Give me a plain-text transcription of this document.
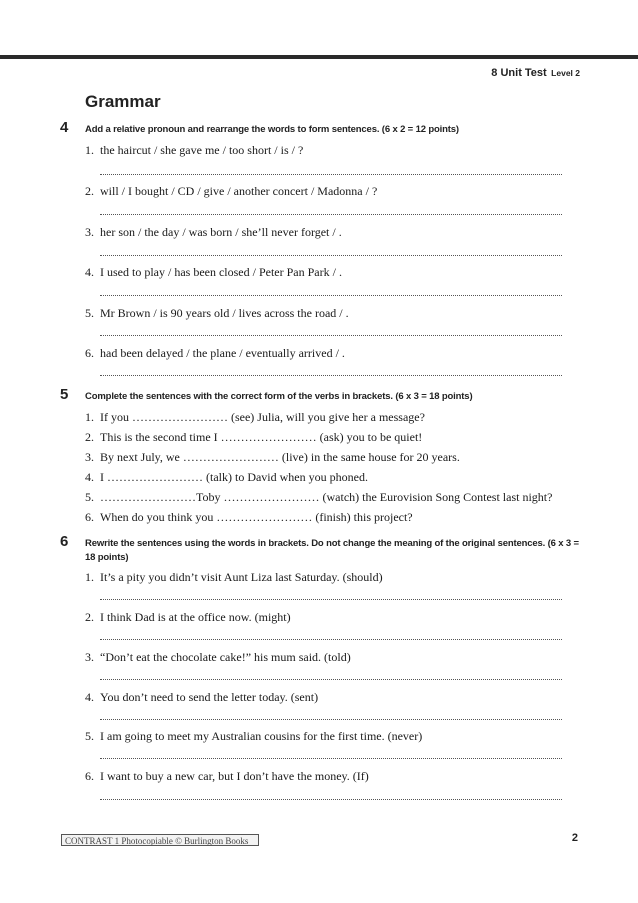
8 Unit Test Level 2
Grammar
4 Add a relative pronoun and rearrange the words to form sentences. (6 x 2 = 12 points)
1. the haircut / she gave me / too short / is / ?
2. will / I bought / CD / give / another concert / Madonna / ?
3. her son / the day / was born / she’ll never forget / .
4. I used to play / has been closed / Peter Pan Park / .
5. Mr Brown / is 90 years old / lives across the road / .
6. had been delayed / the plane / eventually arrived / .
5 Complete the sentences with the correct form of the verbs in brackets. (6 x 3 = 18 points)
1. If you …………………… (see) Julia, will you give her a message?
2. This is the second time I …………………… (ask) you to be quiet!
3. By next July, we …………………… (live) in the same house for 20 years.
4. I …………………… (talk) to David when you phoned.
5. ……………………Toby …………………… (watch) the Eurovision Song Contest last night?
6. When do you think you …………………… (finish) this project?
6 Rewrite the sentences using the words in brackets. Do not change the meaning of the original sentences. (6 x 3 = 18 points)
1. It’s a pity you didn’t visit Aunt Liza last Saturday. (should)
2. I think Dad is at the office now. (might)
3. “Don’t eat the chocolate cake!” his mum said. (told)
4. You don’t need to send the letter today. (sent)
5. I am going to meet my Australian cousins for the first time. (never)
6. I want to buy a new car, but I don’t have the money. (If)
CONTRAST 1 Photocopiable © Burlington Books	2
